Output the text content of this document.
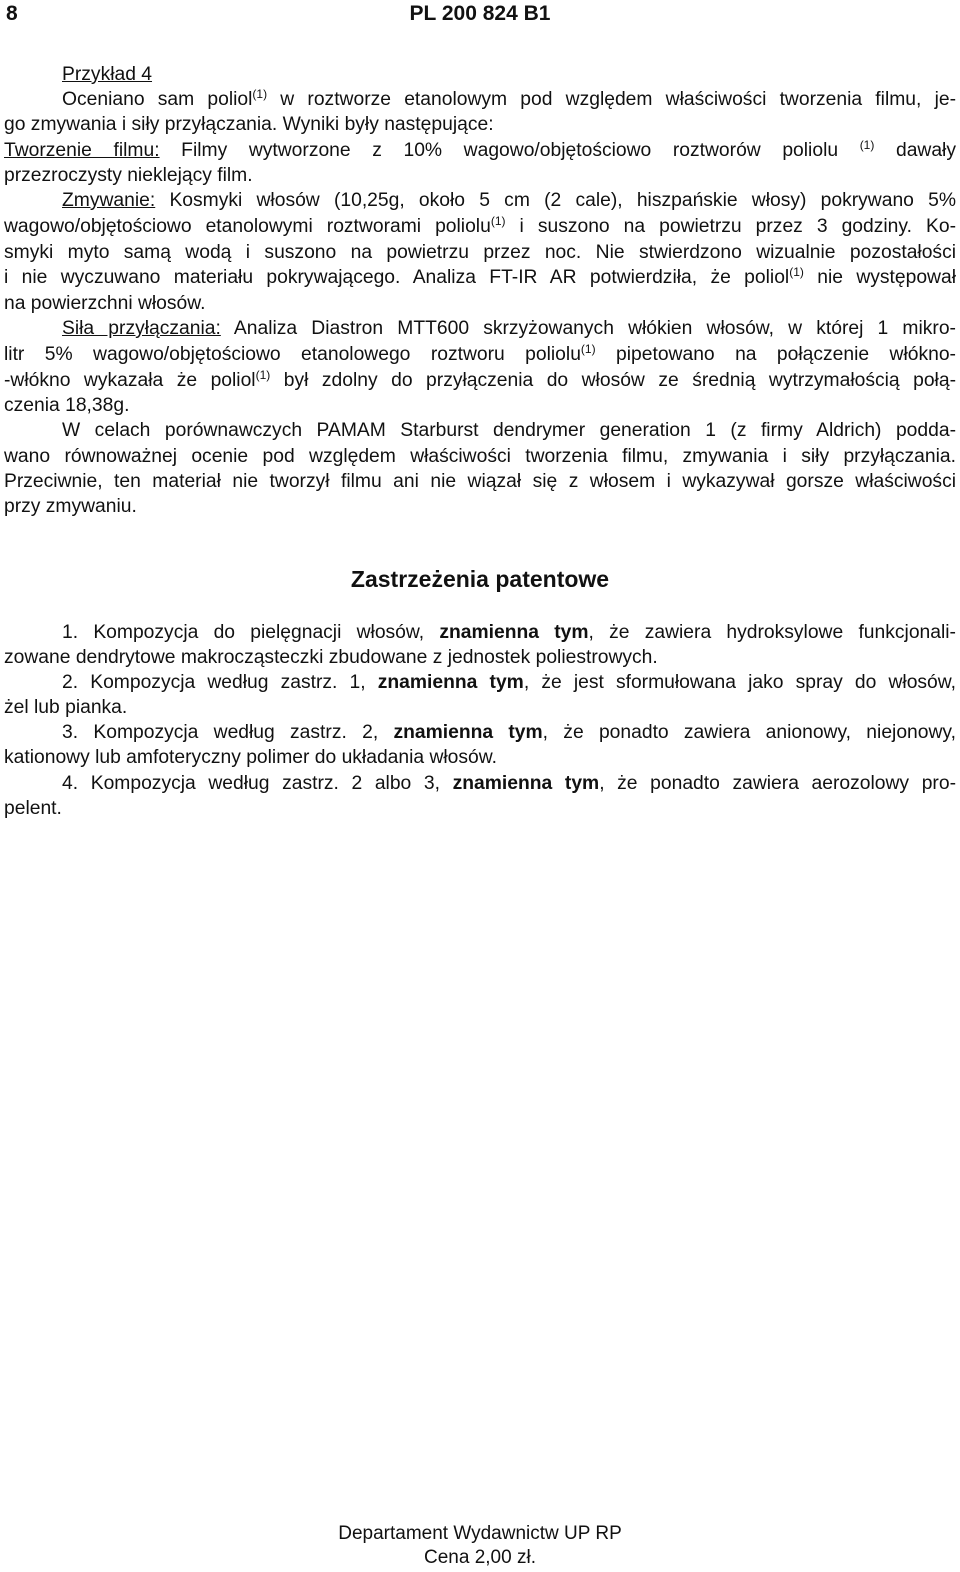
8	PL 200 824 B1

Przykład 4

Oceniano sam poliol$^{(1)}$ w roztworze etanolowym pod względem właściwości tworzenia filmu, je-

go zmywania i siły przyłączania. Wyniki były następujące:

Tworzenie filmu: Filmy wytworzone z 10% wagowo/objętościowo roztworów poliolu $^{(1)}$ dawały

przezroczysty nieklejący film.

Zmywanie: Kosmyki włosów (10,25g, około 5 cm (2 cale), hiszpańskie włosy) pokrywano 5%

wagowo/objętościowo etanolowymi roztworami poliolu$^{(1)}$ i suszono na powietrzu przez 3 godziny. Ko-

smyki myto samą wodą i suszono na powietrzu przez noc. Nie stwierdzono wizualnie pozostałości

i nie wyczuwano materiału pokrywającego. Analiza FT-IR AR potwierdziła, że poliol$^{(1)}$ nie występował

na powierzchni włosów.

Siła przyłączania: Analiza Diastron MTT600 skrzyżowanych włókien włosów, w której 1 mikro-

litr 5% wagowo/objętościowo etanolowego roztworu poliolu$^{(1)}$ pipetowano na połączenie włókno-

-włókno wykazała że poliol$^{(1)}$ był zdolny do przyłączenia do włosów ze średnią wytrzymałością połą-

czenia 18,38g.

W celach porównawczych PAMAM Starburst dendrymer generation 1 (z firmy Aldrich) podda-

wano równoważnej ocenie pod względem właściwości tworzenia filmu, zmywania i siły przyłączania.

Przeciwnie, ten materiał nie tworzył filmu ani nie wiązał się z włosem i wykazywał gorsze właściwości

przy zmywaniu.

Zastrzeżenia patentowe

1. Kompozycja do pielęgnacji włosów, znamienna tym, że zawiera hydroksylowe funkcjonali-

zowane dendrytowe makrocząsteczki zbudowane z jednostek poliestrowych.

2. Kompozycja według zastrz. 1, znamienna tym, że jest sformułowana jako spray do włosów,

żel lub pianka.

3. Kompozycja według zastrz. 2, znamienna tym, że ponadto zawiera anionowy, niejonowy,

kationowy lub amfoteryczny polimer do układania włosów.

4. Kompozycja według zastrz. 2 albo 3, znamienna tym, że ponadto zawiera aerozolowy pro-

pelent.

Departament Wydawnictw UP RP
Cena 2,00 zł.
